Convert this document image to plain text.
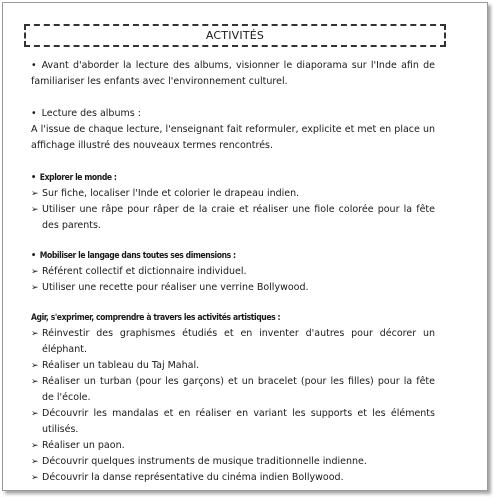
ACTIVITÉS

• Avant d'aborder la lecture des albums, visionner le diaporama sur l'Inde afin de familiariser les enfants avec l'environnement culturel.

• Lecture des albums :

A l'issue de chaque lecture, l'enseignant fait reformuler, explicite et met en place un affichage illustré des nouveaux termes rencontrés.

• Explorer le monde :

➢ Sur fiche, localiser l'Inde et colorier le drapeau indien.
➢ Utiliser une râpe pour râper de la craie et réaliser une fiole colorée pour la fête des parents.

• Mobiliser le langage dans toutes ses dimensions :

➢ Référent collectif et dictionnaire individuel.
➢ Utiliser une recette pour réaliser une verrine Bollywood.

Agir, s'exprimer, comprendre à travers les activités artistiques :

➢ Réinvestir des graphismes étudiés et en inventer d'autres pour décorer un éléphant.
➢ Réaliser un tableau du Taj Mahal.
➢ Réaliser un turban (pour les garçons) et un bracelet (pour les filles) pour la fête de l'école.
➢ Découvrir les mandalas et en réaliser en variant les supports et les éléments utilisés.
➢ Réaliser un paon.
➢ Découvrir quelques instruments de musique traditionnelle indienne.
➢ Découvrir la danse représentative du cinéma indien Bollywood.
